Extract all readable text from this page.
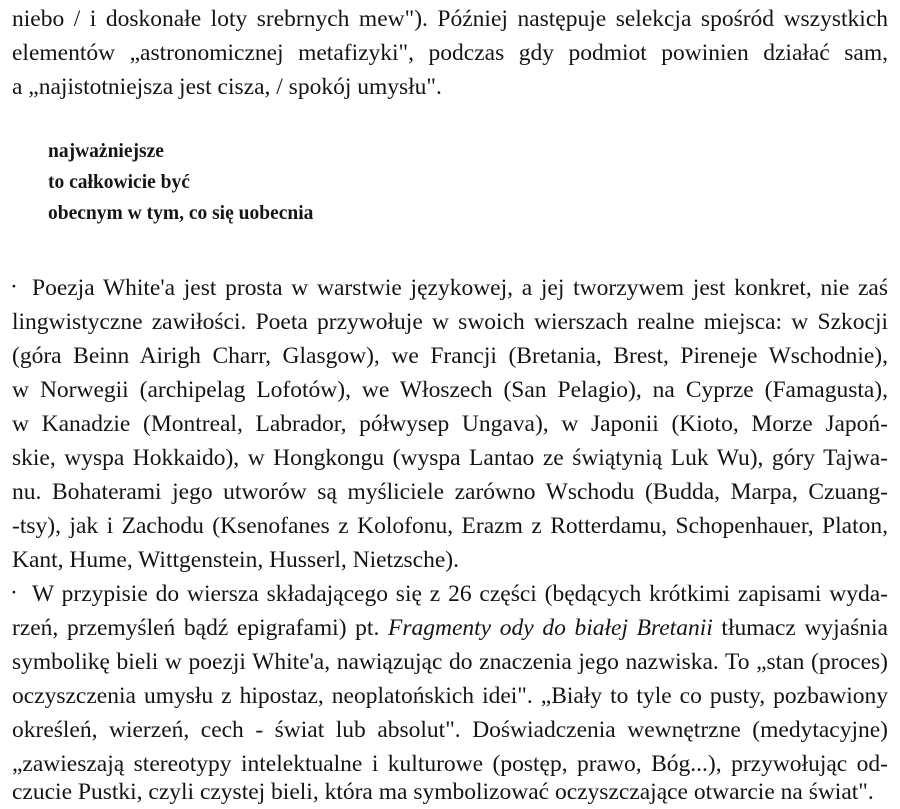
niebo / i doskonałe loty srebrnych mew"). Później następuje selekcja spośród wszystkich
elementów „astronomicznej metafizyki", podczas gdy podmiot powinien działać sam,
a „najistotniejsza jest cisza, / spokój umysłu".
najważniejsze
to całkowicie być
obecnym w tym, co się uobecnia
· Poezja White'a jest prosta w warstwie językowej, a jej tworzywem jest konkret, nie zaś
lingwistyczne zawiłości. Poeta przywołuje w swoich wierszach realne miejsca: w Szkocji
(góra Beinn Airigh Charr, Glasgow), we Francji (Bretania, Brest, Pireneje Wschodnie),
w Norwegii (archipelag Lofotów), we Włoszech (San Pelagio), na Cyprze (Famagusta),
w Kanadzie (Montreal, Labrador, półwysep Ungava), w Japonii (Kioto, Morze Japoń-
skie, wyspa Hokkaido), w Hongkongu (wyspa Lantao ze świątynią Luk Wu), góry Tajwa-
nu. Bohaterami jego utworów są myśliciele zarówno Wschodu (Budda, Marpa, Czuang-
-tsy), jak i Zachodu (Ksenofanes z Kolofonu, Erazm z Rotterdamu, Schopenhauer, Platon,
Kant, Hume, Wittgenstein, Husserl, Nietzsche).
· W przypisie do wiersza składającego się z 26 części (będących krótkimi zapisami wyda-
rzeń, przemyśleń bądź epigrafami) pt. Fragmenty ody do białej Bretanii tłumacz wyjaśnia
symbolikę bieli w poezji White'a, nawiązując do znaczenia jego nazwiska. To „stan (proces)
oczyszczenia umysłu z hipostaz, neoplatońskich idei". „Biały to tyle co pusty, pozbawiony
określeń, wierzeń, cech - świat lub absolut". Doświadczenia wewnętrzne (medytacyjne)
„zawieszają stereotypy intelektualne i kulturowe (postęp, prawo, Bóg...), przywołując od-
czucie Pustki, czyli czystej bieli, która ma symbolizować oczyszczające otwarcie na świat".
